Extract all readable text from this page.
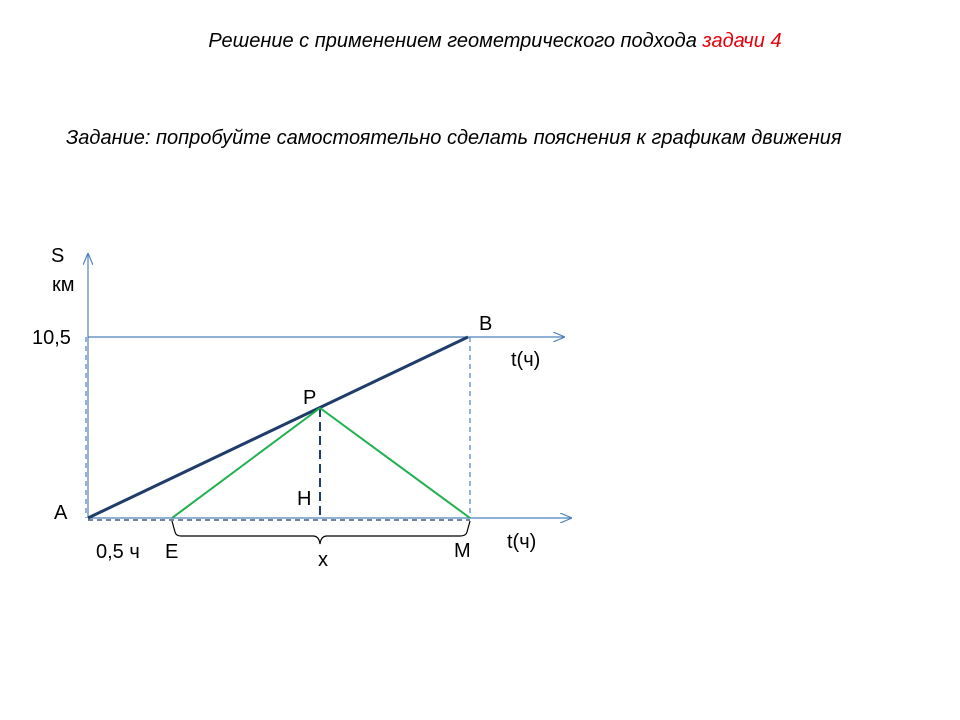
Решение с применением геометрического подхода задачи 4
Задание: попробуйте самостоятельно сделать пояснения к графикам движения
S
км
10,5
t(ч)
t(ч)
A
B
P
H
E	M
0,5 ч	x
